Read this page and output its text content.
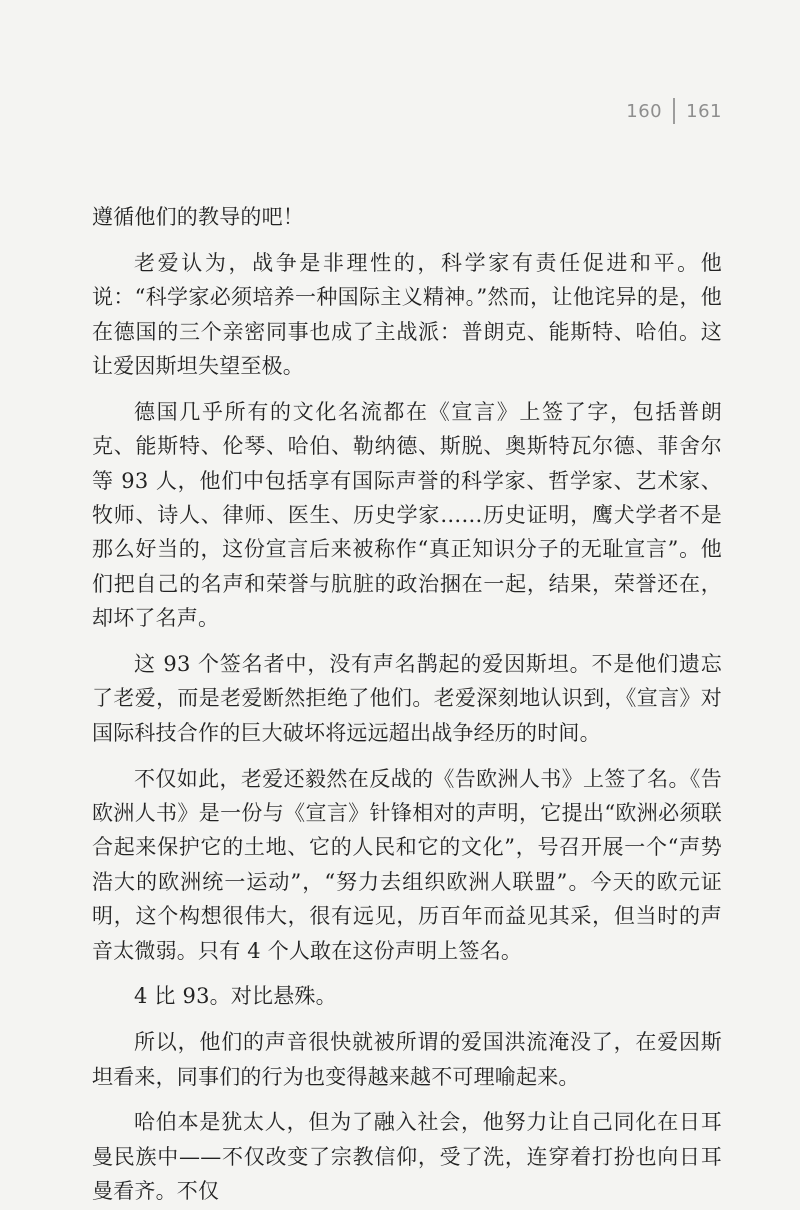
160 161

遵循他们的教导的吧！

老爱认为，战争是非理性的，科学家有责任促进和平。他说：“科学家必须培养一种国际主义精神。”然而，让他诧异的是，他在德国的三个亲密同事也成了主战派：普朗克、能斯特、哈伯。这让爱因斯坦失望至极。

德国几乎所有的文化名流都在《宣言》上签了字，包括普朗克、能斯特、伦琴、哈伯、勒纳德、斯脱、奥斯特瓦尔德、菲舍尔等 93 人，他们中包括享有国际声誉的科学家、哲学家、艺术家、牧师、诗人、律师、医生、历史学家……历史证明，鹰犬学者不是那么好当的，这份宣言后来被称作“真正知识分子的无耻宣言”。他们把自己的名声和荣誉与肮脏的政治捆在一起，结果，荣誉还在，却坏了名声。

这 93 个签名者中，没有声名鹊起的爱因斯坦。不是他们遗忘了老爱，而是老爱断然拒绝了他们。老爱深刻地认识到，《宣言》对国际科技合作的巨大破坏将远远超出战争经历的时间。

不仅如此，老爱还毅然在反战的《告欧洲人书》上签了名。《告欧洲人书》是一份与《宣言》针锋相对的声明，它提出“欧洲必须联合起来保护它的土地、它的人民和它的文化”，号召开展一个“声势浩大的欧洲统一运动”，“努力去组织欧洲人联盟”。今天的欧元证明，这个构想很伟大，很有远见，历百年而益见其采，但当时的声音太微弱。只有 4 个人敢在这份声明上签名。

4 比 93。对比悬殊。

所以，他们的声音很快就被所谓的爱国洪流淹没了，在爱因斯坦看来，同事们的行为也变得越来越不可理喻起来。

哈伯本是犹太人，但为了融入社会，他努力让自己同化在日耳曼民族中——不仅改变了宗教信仰，受了洗，连穿着打扮也向日耳曼看齐。不仅
